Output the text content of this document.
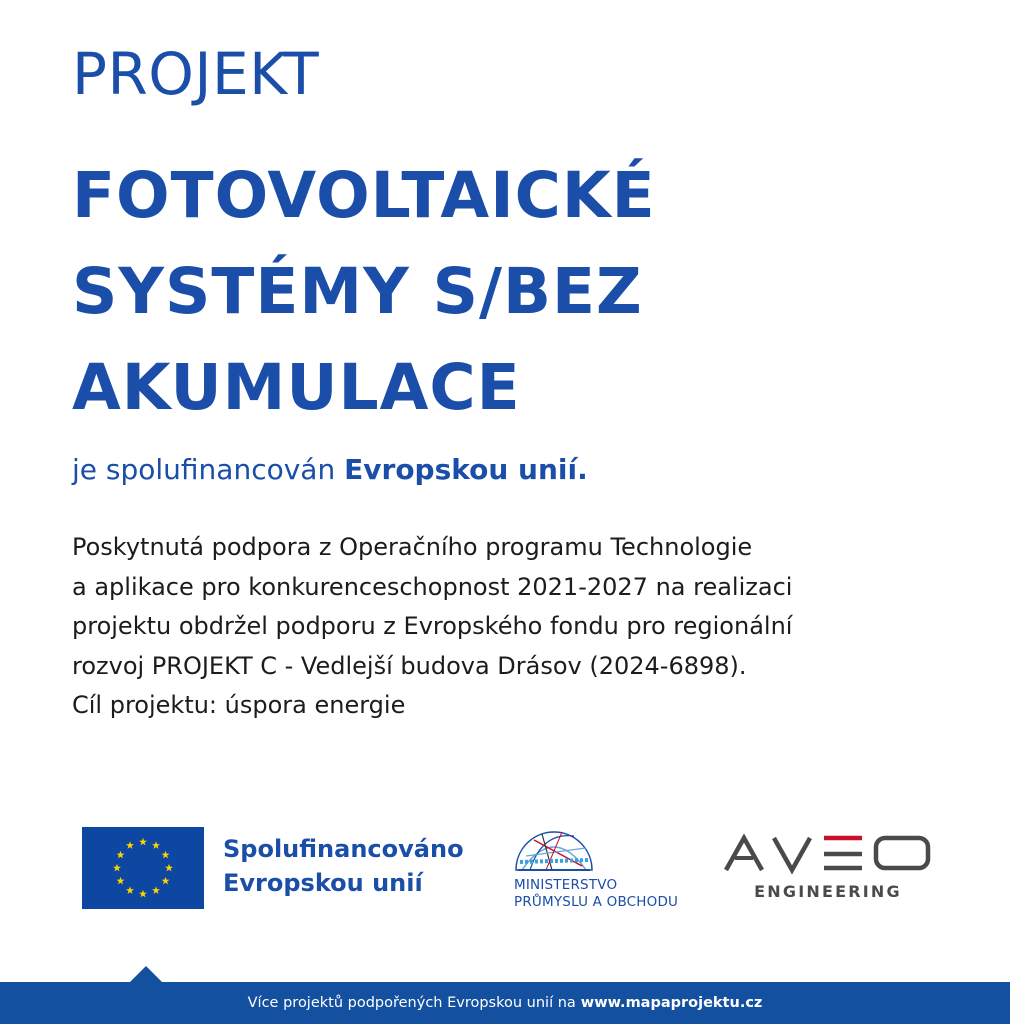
PROJEKT
FOTOVOLTAICKÉ
SYSTÉMY S/BEZ
AKUMULACE
je spolufinancován Evropskou unií.
Poskytnutá podpora z Operačního programu Technologie
a aplikace pro konkurenceschopnost 2021-2027 na realizaci
projektu obdržel podporu z Evropského fondu pro regionální
rozvoj PROJEKT C - Vedlejší budova Drásov (2024-6898).
Cíl projektu: úspora energie
Spolufinancováno
Evropskou unií	MINISTERSTVO
PRŮMYSLU A OBCHODU
ENGINEERING
Více projektů podpořených Evropskou unií na www.mapaprojektu.cz
